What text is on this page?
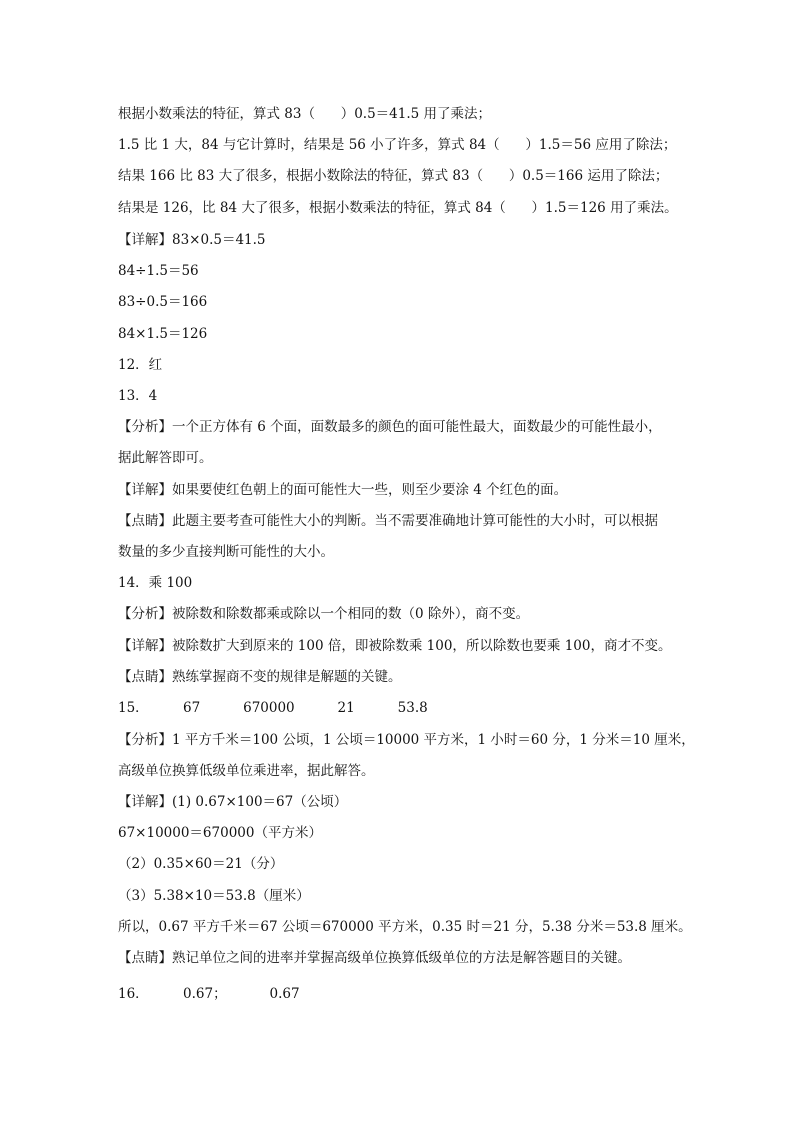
根据小数乘法的特征，算式 83（      ）0.5＝41.5 用了乘法；
1.5 比 1 大，84 与它计算时，结果是 56 小了许多，算式 84（      ）1.5＝56 应用了除法；
结果 166 比 83 大了很多，根据小数除法的特征，算式 83（      ）0.5＝166 运用了除法；
结果是 126，比 84 大了很多，根据小数乘法的特征，算式 84（      ）1.5＝126 用了乘法。
【详解】83×0.5＝41.5
84÷1.5＝56
83÷0.5＝166
84×1.5＝126
12．红
13．4
【分析】一个正方体有 6 个面，面数最多的颜色的面可能性最大，面数最少的可能性最小，
据此解答即可。
【详解】如果要使红色朝上的面可能性大一些，则至少要涂 4 个红色的面。
【点睛】此题主要考查可能性大小的判断。当不需要准确地计算可能性的大小时，可以根据
数量的多少直接判断可能性的大小。
14．乘 100
【分析】被除数和除数都乘或除以一个相同的数（0 除外），商不变。
【详解】被除数扩大到原来的 100 倍，即被除数乘 100，所以除数也要乘 100，商才不变。
【点睛】熟练掌握商不变的规律是解题的关键。
15．        67          670000          21          53.8
【分析】1 平方千米＝100 公顷，1 公顷＝10000 平方米，1 小时＝60 分，1 分米＝10 厘米，
高级单位换算低级单位乘进率，据此解答。
【详解】(1) 0.67×100＝67（公顷）
67×10000＝670000（平方米）
（2）0.35×60＝21（分）
（3）5.38×10＝53.8（厘米）
所以，0.67 平方千米＝67 公顷＝670000 平方米，0.35 时＝21 分，5.38 分米＝53.8 厘米。
【点睛】熟记单位之间的进率并掌握高级单位换算低级单位的方法是解答题目的关键。
16．        0.67；          0.67
